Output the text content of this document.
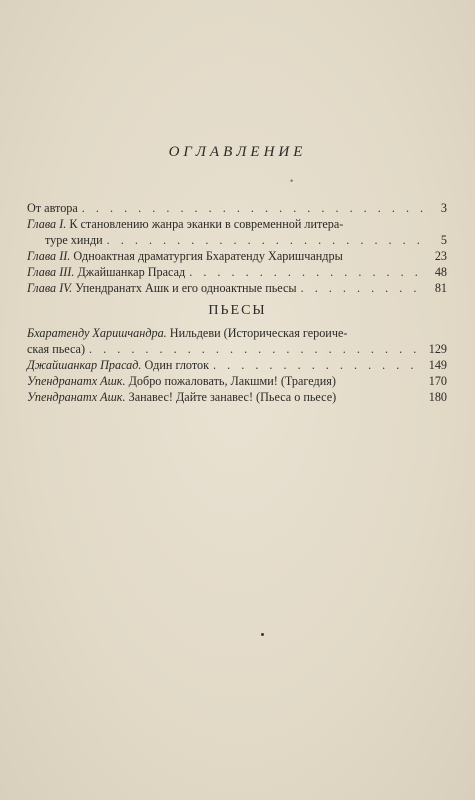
ОГЛАВЛЕНИЕ
•
От автора . . .	3
Глава I. К становлению жанра эканки в современной литера-
туре хинди . . .	5
Глава II. Одноактная драматургия Бхаратенду Харишчандры	23
Глава III. Джайшанкар Прасад . . .	48
Глава IV. Упендранатх Ашк и его одноактные пьесы . . .	81
ПЬЕСЫ
Бхаратенду Харишчандра. Нильдеви (Историческая героиче-
ская пьеса) . . .	129
Джайшанкар Прасад. Один глоток . . .	149
Упендранатх Ашк. Добро пожаловать, Лакшми! (Трагедия)	170
Упендранатх Ашк. Занавес! Дайте занавес! (Пьеса о пьесе)	180
